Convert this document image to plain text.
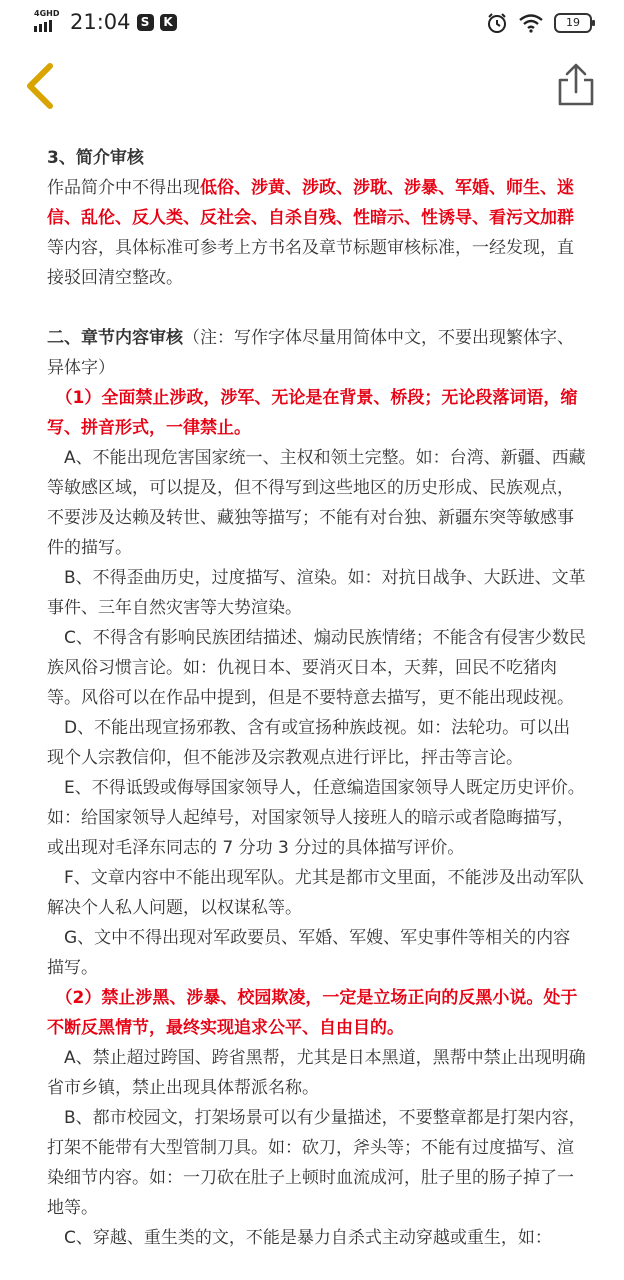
4GHD 21:04 S	K	19

3、简介审核

作品简介中不得出现低俗、涉黄、涉政、涉耽、涉暴、军婚、师生、迷信、乱伦、反人类、反社会、自杀自残、性暗示、性诱导、看污文加群等内容，具体标准可参考上方书名及章节标题审核标准，一经发现，直接驳回清空整改。

二、章节内容审核（注：写作字体尽量用简体中文，不要出现繁体字、异体字）

（1）全面禁止涉政，涉军、无论是在背景、桥段；无论段落词语，缩写、拼音形式，一律禁止。

A、不能出现危害国家统一、主权和领土完整。如：台湾、新疆、西藏等敏感区域，可以提及，但不得写到这些地区的历史形成、民族观点，不要涉及达赖及转世、藏独等描写；不能有对台独、新疆东突等敏感事件的描写。

B、不得歪曲历史，过度描写、渲染。如：对抗日战争、大跃进、文革事件、三年自然灾害等大势渲染。

C、不得含有影响民族团结描述、煽动民族情绪；不能含有侵害少数民族风俗习惯言论。如：仇视日本、要消灭日本，天葬，回民不吃猪肉等。风俗可以在作品中提到，但是不要特意去描写，更不能出现歧视。

D、不能出现宣扬邪教、含有或宣扬种族歧视。如：法轮功。可以出现个人宗教信仰，但不能涉及宗教观点进行评比，抨击等言论。

E、不得诋毁或侮辱国家领导人，任意编造国家领导人既定历史评价。如：给国家领导人起绰号，对国家领导人接班人的暗示或者隐晦描写，或出现对毛泽东同志的 7 分功 3 分过的具体描写评价。

F、文章内容中不能出现军队。尤其是都市文里面，不能涉及出动军队解决个人私人问题，以权谋私等。

G、文中不得出现对军政要员、军婚、军嫂、军史事件等相关的内容描写。

（2）禁止涉黑、涉暴、校园欺凌，一定是立场正向的反黑小说。处于不断反黑情节，最终实现追求公平、自由目的。

A、禁止超过跨国、跨省黑帮，尤其是日本黑道，黑帮中禁止出现明确省市乡镇，禁止出现具体帮派名称。

B、都市校园文，打架场景可以有少量描述，不要整章都是打架内容，打架不能带有大型管制刀具。如：砍刀，斧头等；不能有过度描写、渲染细节内容。如：一刀砍在肚子上顿时血流成河，肚子里的肠子掉了一地等。

C、穿越、重生类的文，不能是暴力自杀式主动穿越或重生，如：
